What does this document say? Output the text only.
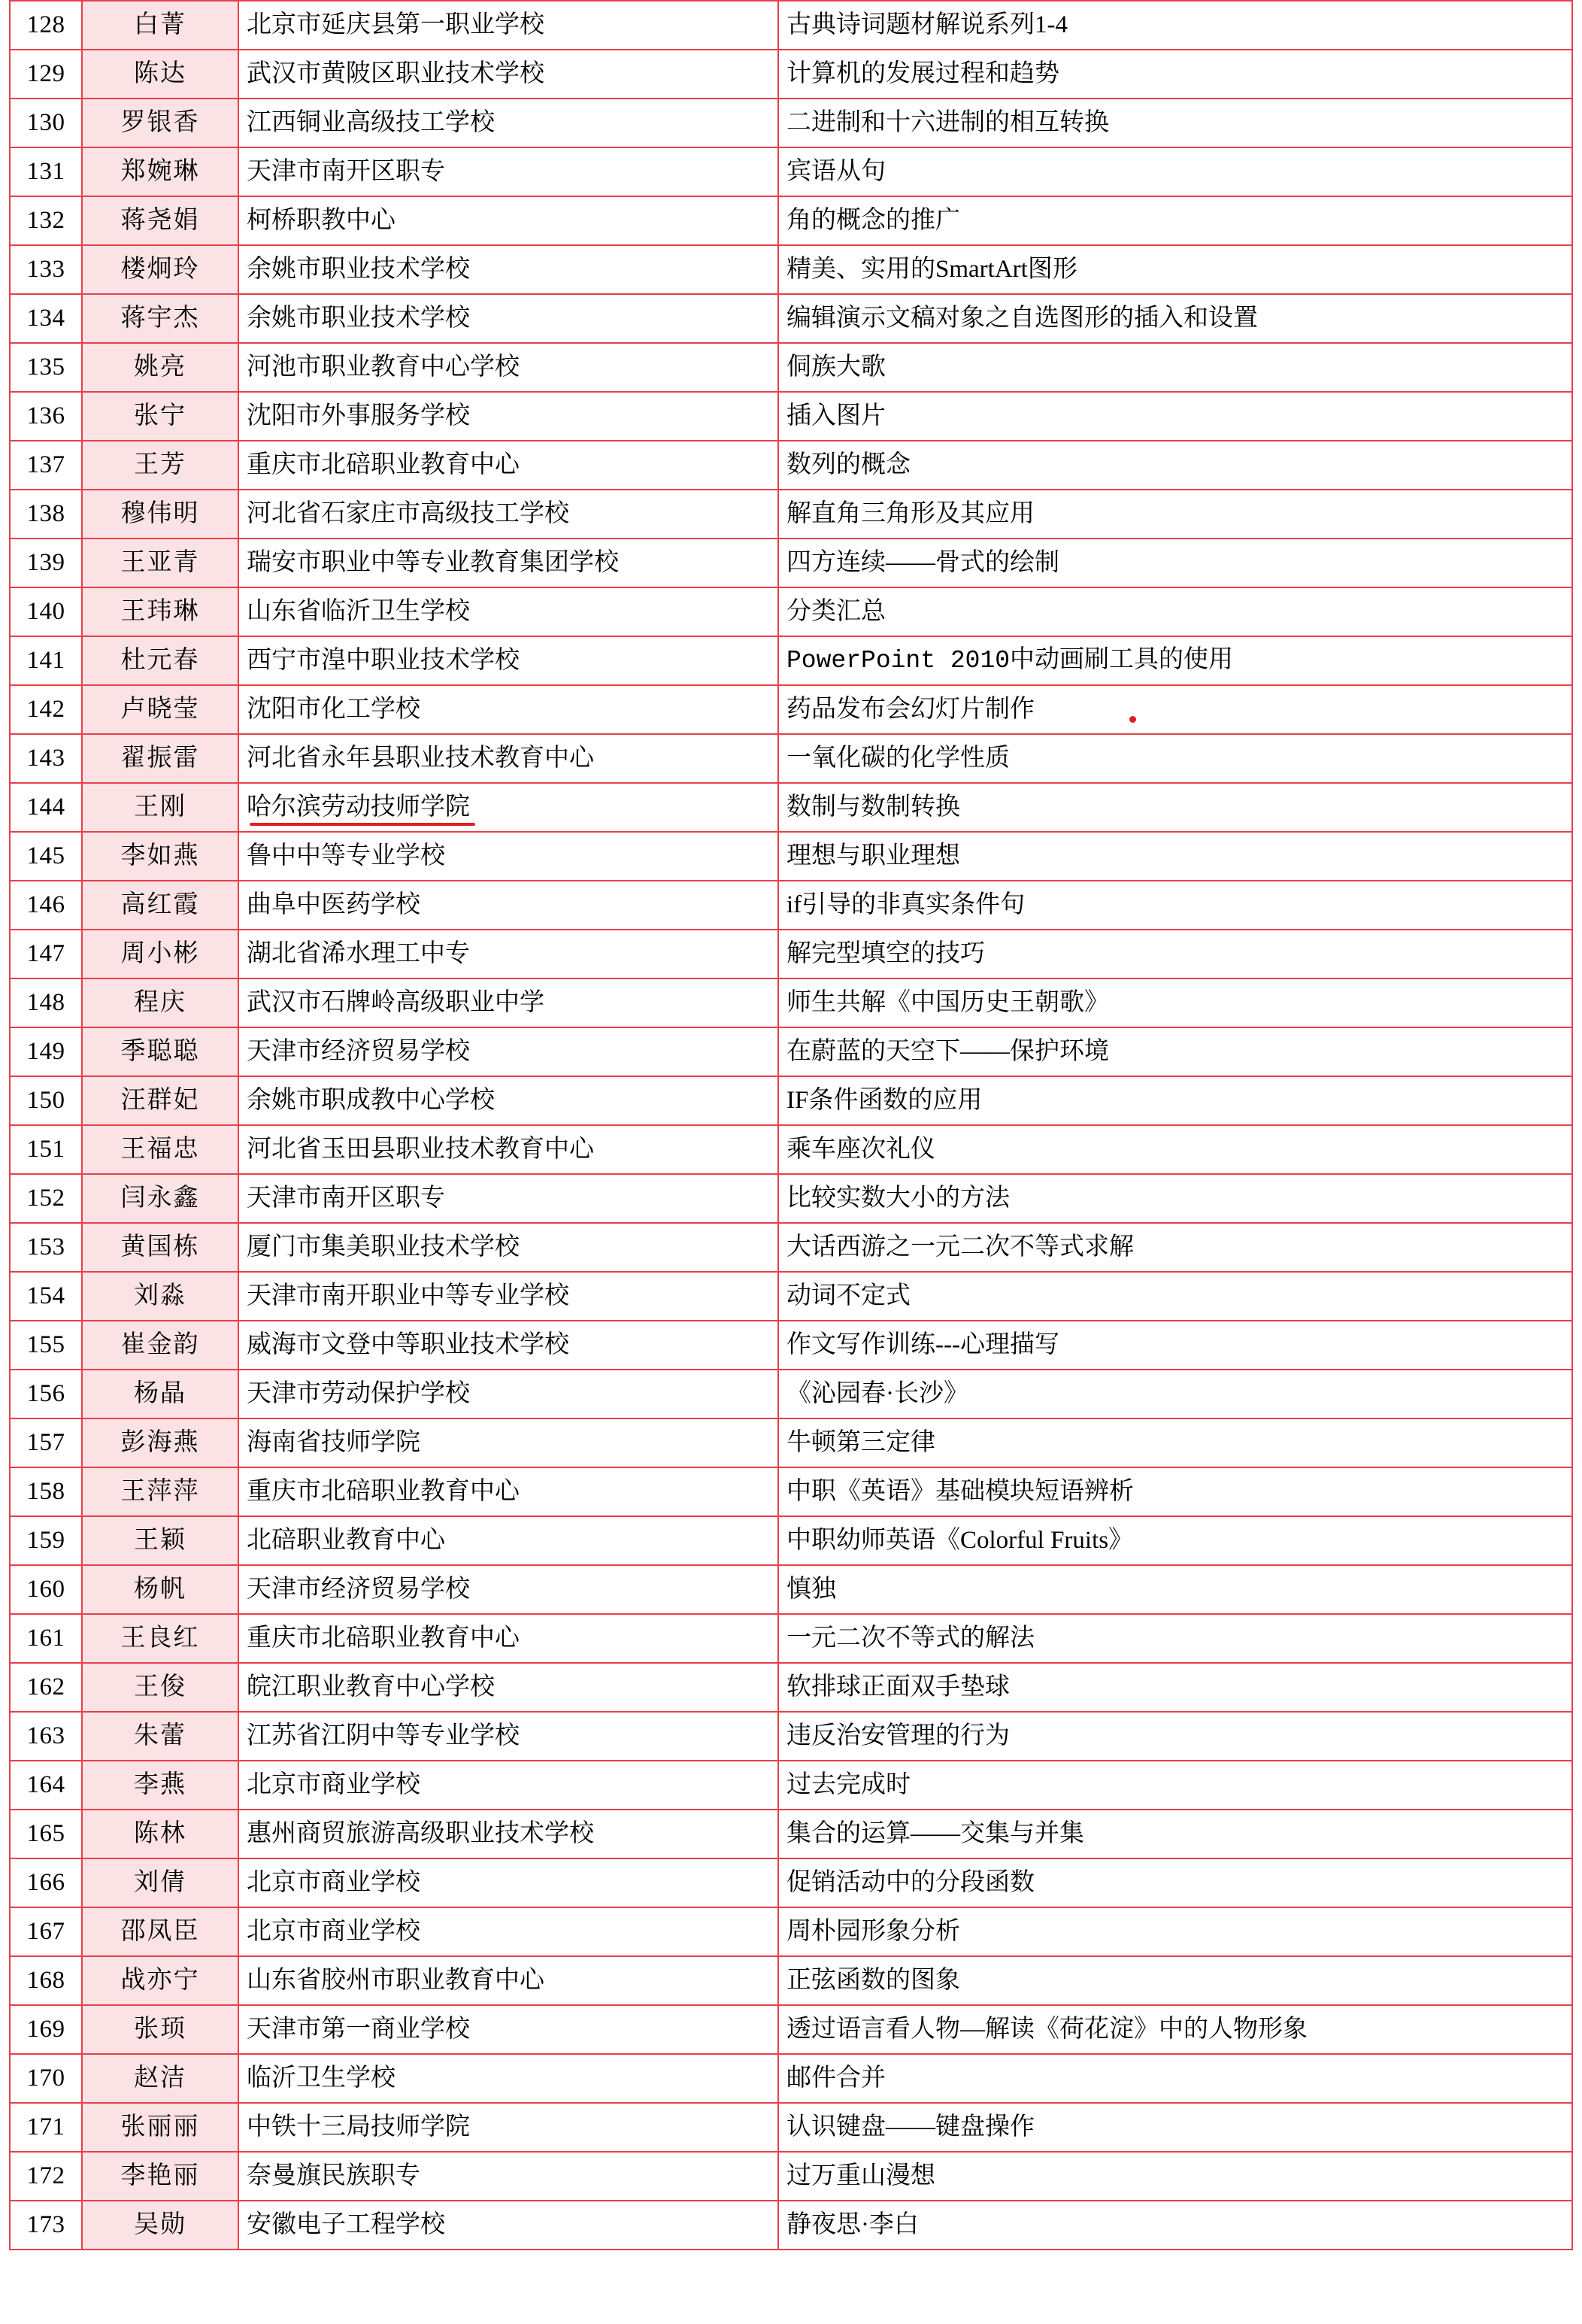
128	白菁	北京市延庆县第一职业学校	古典诗词题材解说系列1-4
129	陈达	武汉市黄陂区职业技术学校	计算机的发展过程和趋势
130	罗银香	江西铜业高级技工学校	二进制和十六进制的相互转换
131	郑婉琳	天津市南开区职专	宾语从句
132	蒋尧娟	柯桥职教中心	角的概念的推广
133	楼炯玲	余姚市职业技术学校	精美、实用的SmartArt图形
134	蒋宇杰	余姚市职业技术学校	编辑演示文稿对象之自选图形的插入和设置
135	姚亮	河池市职业教育中心学校	侗族大歌
136	张宁	沈阳市外事服务学校	插入图片
137	王芳	重庆市北碚职业教育中心	数列的概念
138	穆伟明	河北省石家庄市高级技工学校	解直角三角形及其应用
139	王亚青	瑞安市职业中等专业教育集团学校	四方连续——骨式的绘制
140	王玮琳	山东省临沂卫生学校	分类汇总
141	杜元春	西宁市湟中职业技术学校	PowerPoint 2010中动画刷工具的使用
142	卢晓莹	沈阳市化工学校	药品发布会幻灯片制作

143	翟振雷	河北省永年县职业技术教育中心	一氧化碳的化学性质
144	王刚	哈尔滨劳动技师学院	数制与数制转换
145	李如燕	鲁中中等专业学校	理想与职业理想
146	高红霞	曲阜中医药学校	if引导的非真实条件句
147	周小彬	湖北省浠水理工中专	解完型填空的技巧
148	程庆	武汉市石牌岭高级职业中学	师生共解《中国历史王朝歌》
149	季聪聪	天津市经济贸易学校	在蔚蓝的天空下——保护环境
150	汪群妃	余姚市职成教中心学校	IF条件函数的应用
151	王福忠	河北省玉田县职业技术教育中心	乘车座次礼仪
152	闫永鑫	天津市南开区职专	比较实数大小的方法
153	黄国栋	厦门市集美职业技术学校	大话西游之一元二次不等式求解
154	刘淼	天津市南开职业中等专业学校	动词不定式
155	崔金韵	威海市文登中等职业技术学校	作文写作训练---心理描写
156	杨晶	天津市劳动保护学校	《沁园春·长沙》
157	彭海燕	海南省技师学院	牛顿第三定律
158	王萍萍	重庆市北碚职业教育中心	中职《英语》基础模块短语辨析
159	王颖	北碚职业教育中心	中职幼师英语《Colorful Fruits》
160	杨帆	天津市经济贸易学校	慎独
161	王良红	重庆市北碚职业教育中心	一元二次不等式的解法
162	王俊	皖江职业教育中心学校	软排球正面双手垫球
163	朱蕾	江苏省江阴中等专业学校	违反治安管理的行为
164	李燕	北京市商业学校	过去完成时
165	陈林	惠州商贸旅游高级职业技术学校	集合的运算——交集与并集
166	刘倩	北京市商业学校	促销活动中的分段函数
167	邵凤臣	北京市商业学校	周朴园形象分析
168	战亦宁	山东省胶州市职业教育中心	正弦函数的图象
169	张顼	天津市第一商业学校	透过语言看人物—解读《荷花淀》中的人物形象
170	赵洁	临沂卫生学校	邮件合并
171	张丽丽	中铁十三局技师学院	认识键盘——键盘操作
172	李艳丽	奈曼旗民族职专	过万重山漫想
173	吴勋	安徽电子工程学校	静夜思·李白
